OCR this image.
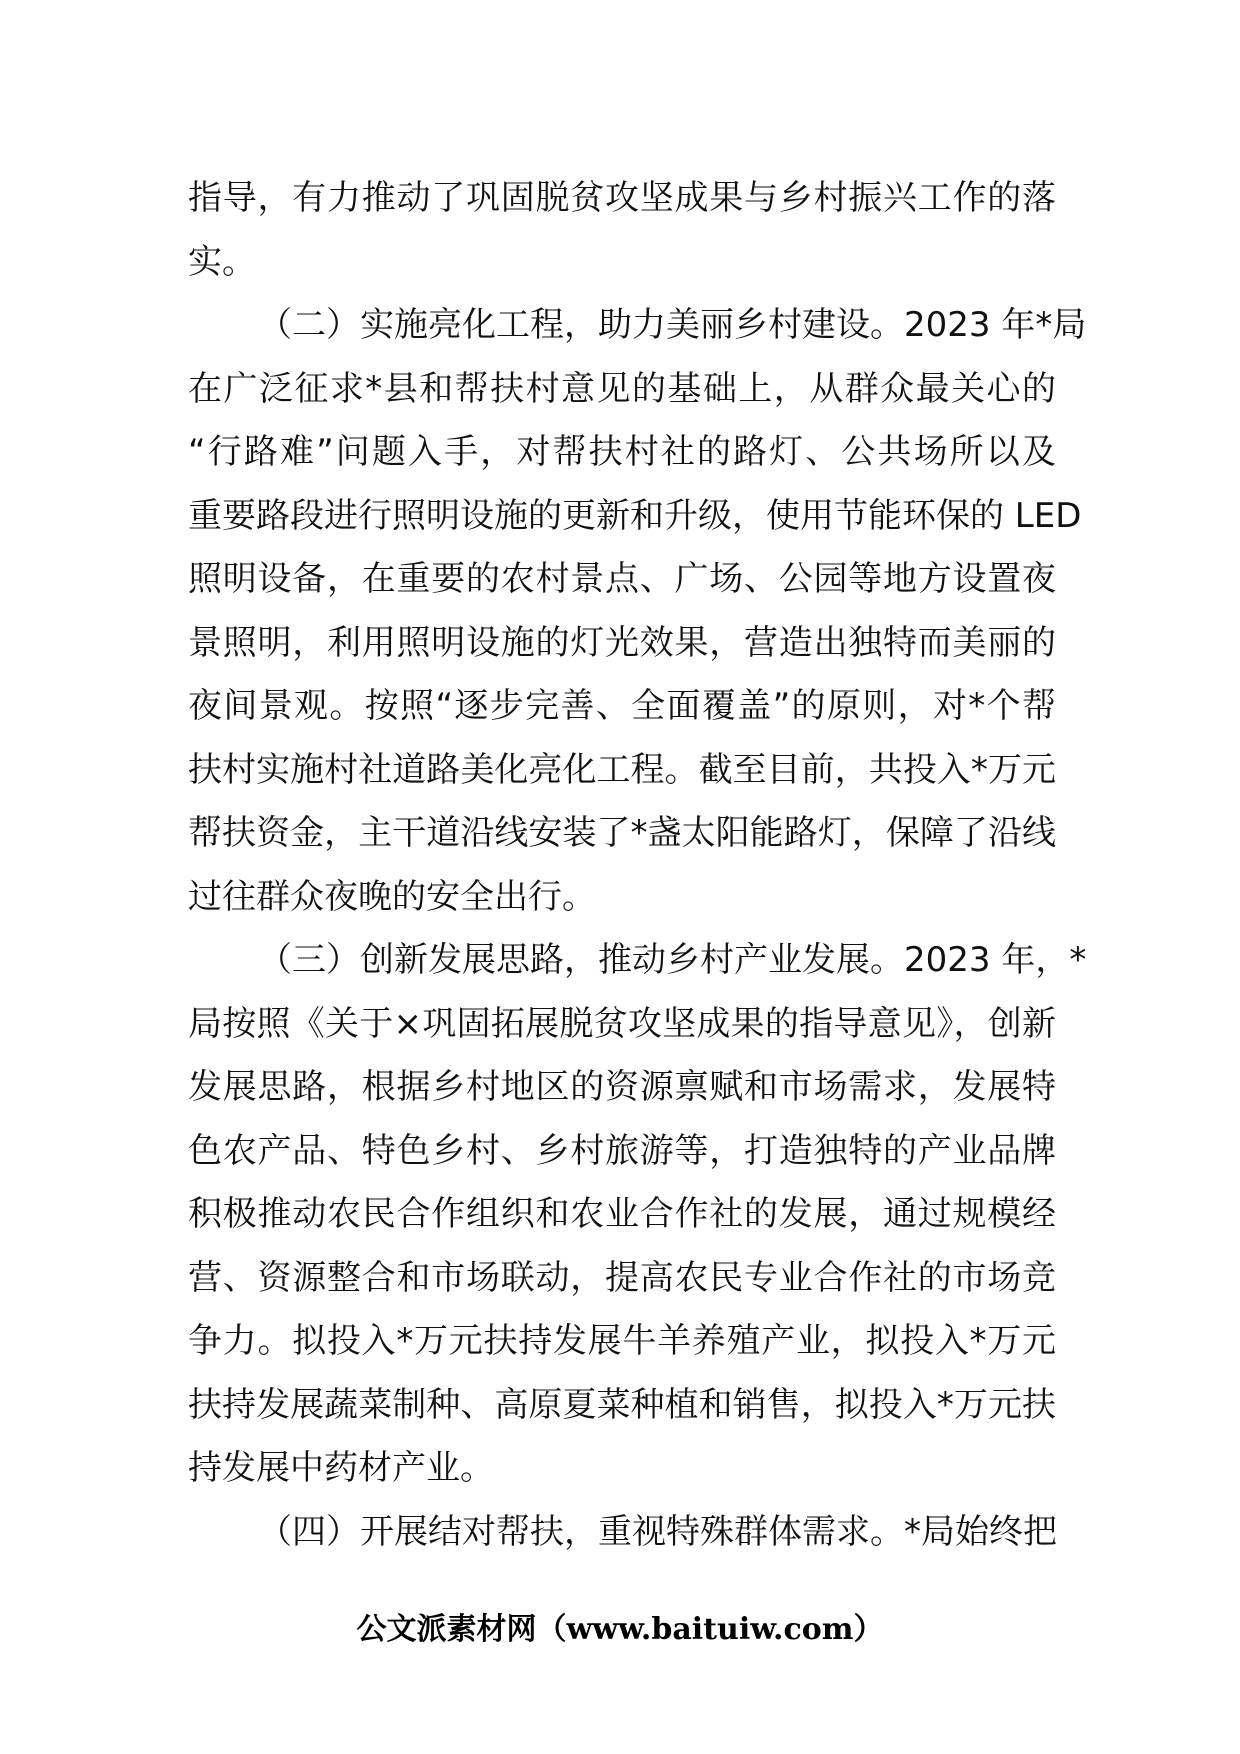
指导，有力推动了巩固脱贫攻坚成果与乡村振兴工作的落
实。
（二）实施亮化工程，助力美丽乡村建设。2023 年*局
在广泛征求*县和帮扶村意见的基础上，从群众最关心的
“行路难”问题入手，对帮扶村社的路灯、公共场所以及
重要路段进行照明设施的更新和升级，使用节能环保的 LED
照明设备，在重要的农村景点、广场、公园等地方设置夜
景照明，利用照明设施的灯光效果，营造出独特而美丽的
夜间景观。按照“逐步完善、全面覆盖”的原则，对*个帮
扶村实施村社道路美化亮化工程。截至目前，共投入*万元
帮扶资金，主干道沿线安装了*盏太阳能路灯，保障了沿线
过往群众夜晚的安全出行。
（三）创新发展思路，推动乡村产业发展。2023 年，*
局按照《关于×巩固拓展脱贫攻坚成果的指导意见》，创新
发展思路，根据乡村地区的资源禀赋和市场需求，发展特
色农产品、特色乡村、乡村旅游等，打造独特的产业品牌
积极推动农民合作组织和农业合作社的发展，通过规模经
营、资源整合和市场联动，提高农民专业合作社的市场竞
争力。拟投入*万元扶持发展牛羊养殖产业，拟投入*万元
扶持发展蔬菜制种、高原夏菜种植和销售，拟投入*万元扶
持发展中药材产业。
（四）开展结对帮扶，重视特殊群体需求。*局始终把
公文派素材网（www.baituiw.com）
